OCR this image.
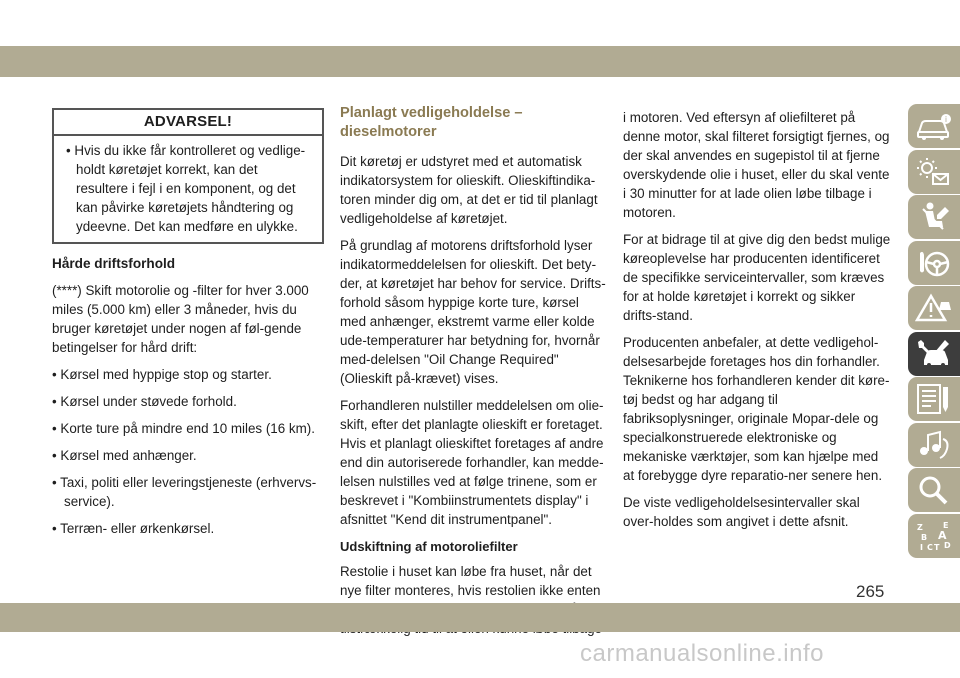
ADVARSEL!
• Hvis du ikke får kontrolleret og vedlige-holdt køretøjet korrekt, kan det resultere i fejl i en komponent, og det kan påvirke køretøjets håndtering og ydeevne. Det kan medføre en ulykke.
Hårde driftsforhold

(****) Skift motorolie og -filter for hver 3.000 miles (5.000 km) eller 3 måneder, hvis du bruger køretøjet under nogen af føl-gende betingelser for hård drift:

• Kørsel med hyppige stop og starter.
• Kørsel under støvede forhold.
• Korte ture på mindre end 10 miles (16 km).
• Kørsel med anhænger.
• Taxi, politi eller leveringstjeneste (erhvervs-service).
• Terræn- eller ørkenkørsel.
Planlagt vedligeholdelse – dieselmotorer

Dit køretøj er udstyret med et automatisk indikatorsystem for olieskift. Olieskiftindika-toren minder dig om, at det er tid til planlagt vedligeholdelse af køretøjet.

På grundlag af motorens driftsforhold lyser indikatormeddelelsen for olieskift. Det bety-der, at køretøjet har behov for service. Drifts-forhold såsom hyppige korte ture, kørsel med anhænger, ekstremt varme eller kolde ude-temperaturer har betydning for, hvornår med-delelsen "Oil Change Required" (Olieskift på-krævet) vises.

Forhandleren nulstiller meddelelsen om olie-skift, efter det planlagte olieskift er foretaget. Hvis et planlagt olieskiftet foretages af andre end din autoriserede forhandler, kan medde-lelsen nulstilles ved at følge trinene, som er beskrevet i "Kombiinstrumentets display" i afsnittet "Kend dit instrumentpanel".

Udskiftning af motoroliefilter

Restolie i huset kan løbe fra huset, når det nye filter monteres, hvis restolien ikke enten

i motoren. Ved eftersyn af oliefilteret på denne motor, skal filteret forsigtigt fjernes, og der skal anvendes en sugepistol til at fjerne overskydende olie i huset, eller du skal vente i 30 minutter for at lade olien løbe tilbage i motoren.

For at bidrage til at give dig den bedst mulige køreoplevelse har producenten identificeret de specifikke serviceintervaller, som kræves for at holde køretøjet i korrekt og sikker drifts-stand.

Producenten anbefaler, at dette vedligehol-delsesarbejde foretages hos din forhandler. Teknikerne hos forhandleren kender dit køre-tøj bedst og har adgang til fabriksoplysninger, originale Mopar-dele og specialkonstruerede elektroniske og mekaniske værktøjer, som kan hjælpe med at forebygge dyre reparatio-ner senere hen.

De viste vedligeholdelsesintervaller skal over-holdes som angivet i dette afsnit.

i
Z	E
B A
D
I C T
265
carmanualsonline.info
